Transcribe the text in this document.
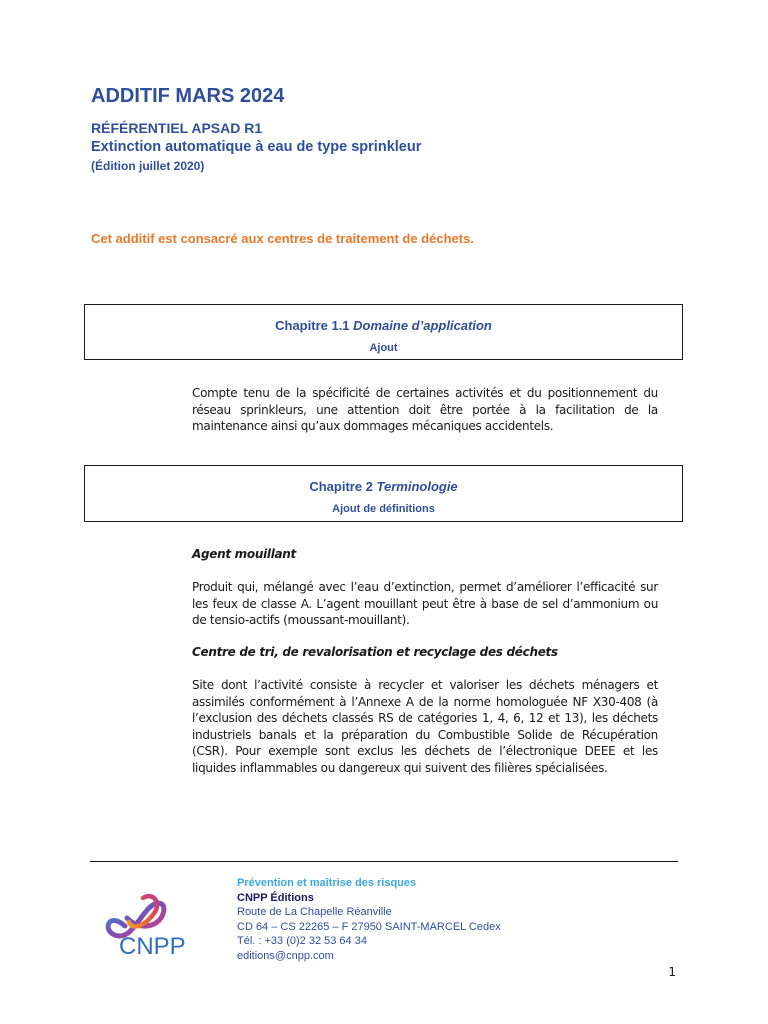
ADDITIF MARS 2024
RÉFÉRENTIEL APSAD R1
Extinction automatique à eau de type sprinkleur
(Édition juillet 2020)
Cet additif est consacré aux centres de traitement de déchets.
Chapitre 1.1 Domaine d’application
Ajout
Compte tenu de la spécificité de certaines activités et du positionnement du réseau sprinkleurs, une attention doit être portée à la facilitation de la maintenance ainsi qu’aux dommages mécaniques accidentels.
Chapitre 2 Terminologie
Ajout de définitions
Agent mouillant
Produit qui, mélangé avec l’eau d’extinction, permet d’améliorer l’efficacité sur les feux de classe A. L’agent mouillant peut être à base de sel d’ammonium ou de tensio-actifs (moussant-mouillant).
Centre de tri, de revalorisation et recyclage des déchets
Site dont l’activité consiste à recycler et valoriser les déchets ménagers et assimilés conformément à l’Annexe A de la norme homologuée NF X30-408 (à l’exclusion des déchets classés RS de catégories 1, 4, 6, 12 et 13), les déchets industriels banals et la préparation du Combustible Solide de Récupération (CSR). Pour exemple sont exclus les déchets de l’électronique DEEE et les liquides inflammables ou dangereux qui suivent des filières spécialisées.
CNPP
Prévention et maîtrise des risques
CNPP Éditions
Route de La Chapelle Réanville
CD 64 – CS 22265 – F 27950 SAINT-MARCEL Cedex
Tél. : +33 (0)2 32 53 64 34
editions@cnpp.com
1
